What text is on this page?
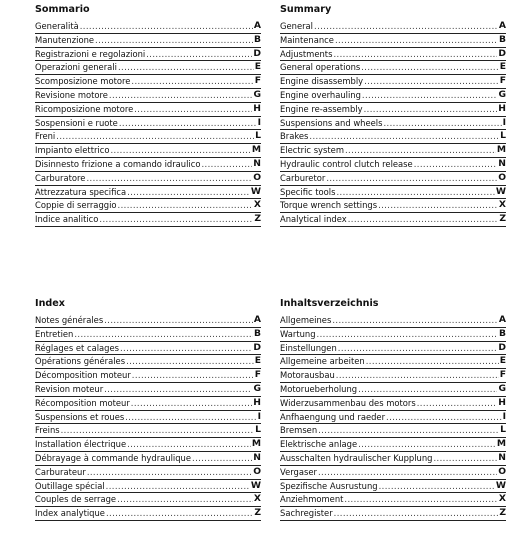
Sommario
Generalità .....	A
Manutenzione .....	B
Registrazioni e regolazioni .....	D
Operazioni generali .....	E
Scomposizione motore .....	F
Revisione motore .....	G
Ricomposizione motore .....	H
Sospensioni e ruote .....	I
Freni .....	L
Impianto elettrico .....	M
Disinnesto frizione a comando idraulico .....	N
Carburatore .....	O
Attrezzatura specifica .....	W
Coppie di serraggio .....	X
Indice analitico .....	Z
Summary
General .....	A
Maintenance .....	B
Adjustments .....	D
General operations .....	E
Engine disassembly .....	F
Engine overhauling .....	G
Engine re-assembly .....	H
Suspensions and wheels .....	I
Brakes .....	L
Electric system .....	M
Hydraulic control clutch release .....	N
Carburetor .....	O
Specific tools .....	W
Torque wrench settings .....	X
Analytical index .....	Z
Index
Notes générales .....	A
Entretien .....	B
Réglages et calages .....	D
Opérations générales .....	E
Décomposition moteur .....	F
Revision moteur .....	G
Récomposition moteur .....	H
Suspensions et roues .....	I
Freins .....	L
Installation électrique .....	M
Débrayage à commande hydraulique .....	N
Carburateur .....	O
Outillage spécial .....	W
Couples de serrage .....	X
Index analytique .....	Z
Inhaltsverzeichnis
Allgemeines .....	A
Wartung .....	B
Einstellungen .....	D
Allgemeine arbeiten .....	E
Motorausbau .....	F
Motorueberholung .....	G
Widerzusammenbau des motors .....	H
Anfhaengung und raeder .....	I
Bremsen .....	L
Elektrische anlage .....	M
Ausschalten hydraulischer Kupplung .....	N
Vergaser .....	O
Spezifische Ausrustung .....	W
Anziehmoment .....	X
Sachregister .....	Z
